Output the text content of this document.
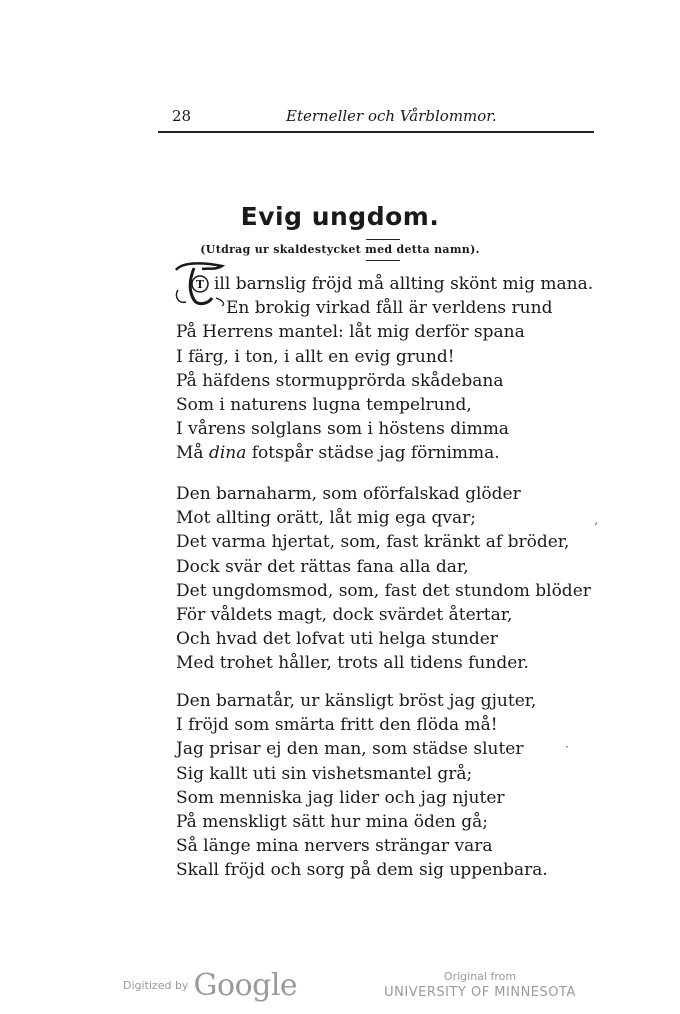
28	Eterneller och Vårblommor.
Evig ungdom.
(Utdrag ur skaldestycket med detta namn).
T ill barnslig fröjd må allting skönt mig mana.
En brokig virkad fåll är verldens rund
På Herrens mantel: låt mig derför spana
I färg, i ton, i allt en evig grund!
På häfdens stormupprörda skådebana
Som i naturens lugna tempelrund,
I vårens solglans som i höstens dimma
Må dina fotspår städse jag förnimma.
Den barnaharm, som oförfalskad glöder
Mot allting orätt, låt mig ega qvar;
Det varma hjertat, som, fast kränkt af bröder,
Dock svär det rättas fana alla dar,
Det ungdomsmod, som, fast det stundom blöder
För våldets magt, dock svärdet återtar,
Och hvad det lofvat uti helga stunder
Med trohet håller, trots all tidens funder.
Den barnatår, ur känsligt bröst jag gjuter,
I fröjd som smärta fritt den flöda må!
Jag prisar ej den man, som städse sluter
Sig kallt uti sin vishetsmantel grå;
Som menniska jag lider och jag njuter
På menskligt sätt hur mina öden gå;
Så länge mina nervers strängar vara
Skall fröjd och sorg på dem sig uppenbara.
ʻ
·
Digitized by Google	Original from
UNIVERSITY OF MINNESOTA
